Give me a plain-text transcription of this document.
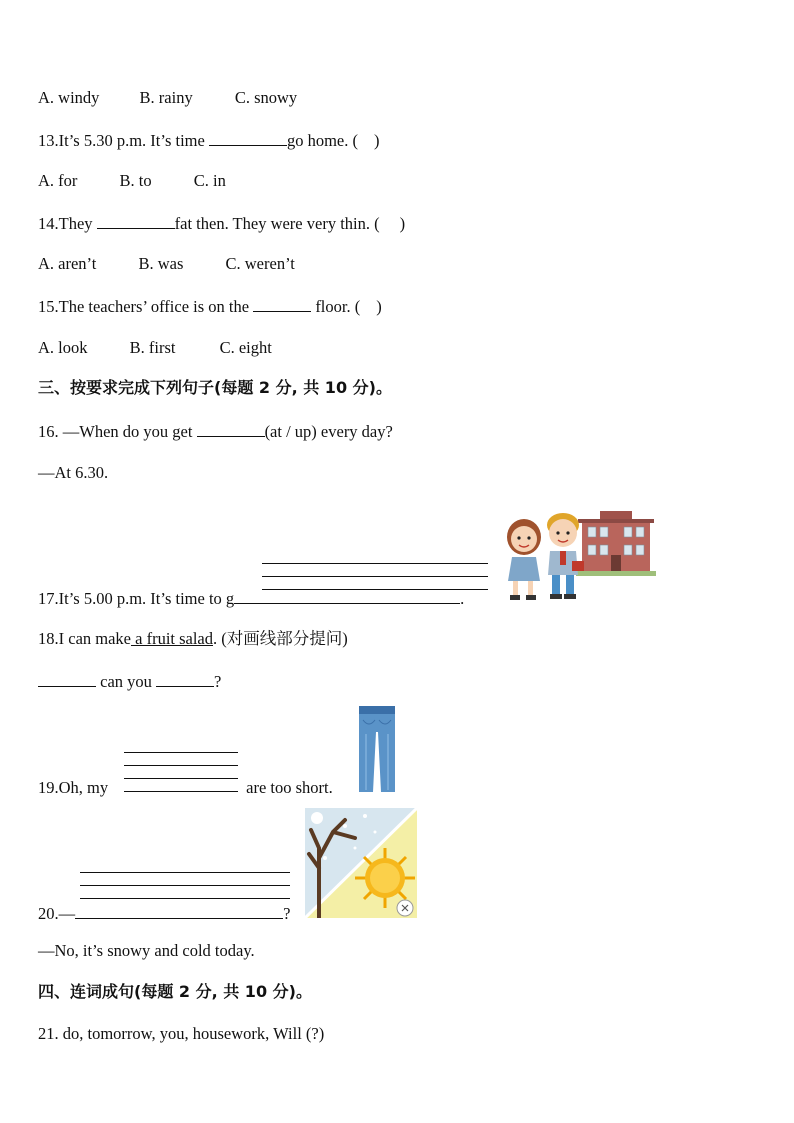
A. windy B. rainy	C. snowy
13.It’s 5.30 p.m. It’s time	go home. ( )
A. for	B. to	C. in
14.They	fat then. They were very thin. ( )
A. aren’t	B. was	C. weren’t
15.The teachers’ office is on the	floor. ( )
A. look	B. first	C. eight
三、按要求完成下列句子(每题 2 分, 共 10 分)。
16. —When do you get	(at / up) every day?
—At 6.30.
17.It’s 5.00 p.m. It’s time to g	.
18.I can make a fruit salad. (对画线部分提问)
can you	?
19.Oh, my	are too short.
20.—	?
—No, it’s snowy and cold today.
四、连词成句(每题 2 分, 共 10 分)。
21. do, tomorrow, you, housework, Will (?)
